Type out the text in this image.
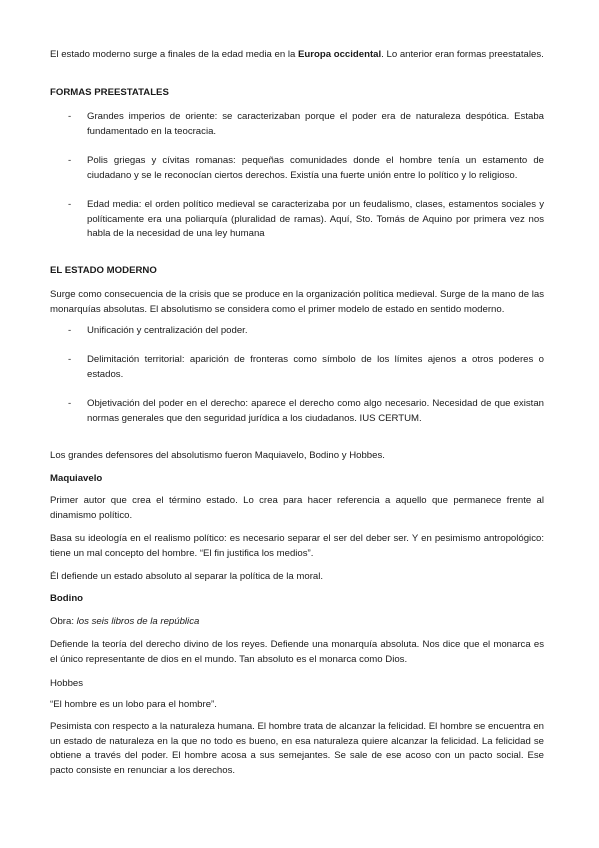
El estado moderno surge a finales de la edad media en la Europa occidental. Lo anterior eran formas preestatales.

FORMAS PREESTATALES

- Grandes imperios de oriente: se caracterizaban porque el poder era de naturaleza despótica. Estaba fundamentado en la teocracia.

- Polis griegas y cívitas romanas: pequeñas comunidades donde el hombre tenía un estamento de ciudadano y se le reconocían ciertos derechos. Existía una fuerte unión entre lo político y lo religioso.

- Edad media: el orden político medieval se caracterizaba por un feudalismo, clases, estamentos sociales y políticamente era una poliarquía (pluralidad de ramas). Aquí, Sto. Tomás de Aquino por primera vez nos habla de la necesidad de una ley humana

EL ESTADO MODERNO

Surge como consecuencia de la crisis que se produce en la organización política medieval. Surge de la mano de las monarquías absolutas. El absolutismo se considera como el primer modelo de estado en sentido moderno.

- Unificación y centralización del poder.

- Delimitación territorial: aparición de fronteras como símbolo de los límites ajenos a otros poderes o estados.

- Objetivación del poder en el derecho: aparece el derecho como algo necesario. Necesidad de que existan normas generales que den seguridad jurídica a los ciudadanos. IUS CERTUM.

Los grandes defensores del absolutismo fueron Maquiavelo, Bodino y Hobbes.

Maquiavelo

Primer autor que crea el término estado. Lo crea para hacer referencia a aquello que permanece frente al dinamismo político.

Basa su ideología en el realismo político: es necesario separar el ser del deber ser. Y en pesimismo antropológico: tiene un mal concepto del hombre. “El fin justifica los medios”.

Él defiende un estado absoluto al separar la política de la moral.

Bodino

Obra: los seis libros de la república

Defiende la teoría del derecho divino de los reyes. Defiende una monarquía absoluta. Nos dice que el monarca es el único representante de dios en el mundo. Tan absoluto es el monarca como Dios.

Hobbes

“El hombre es un lobo para el hombre”.

Pesimista con respecto a la naturaleza humana. El hombre trata de alcanzar la felicidad. El hombre se encuentra en un estado de naturaleza en la que no todo es bueno, en esa naturaleza quiere alcanzar la felicidad. La felicidad se obtiene a través del poder. El hombre acosa a sus semejantes. Se sale de ese acoso con un pacto social. Ese pacto consiste en renunciar a los derechos.
